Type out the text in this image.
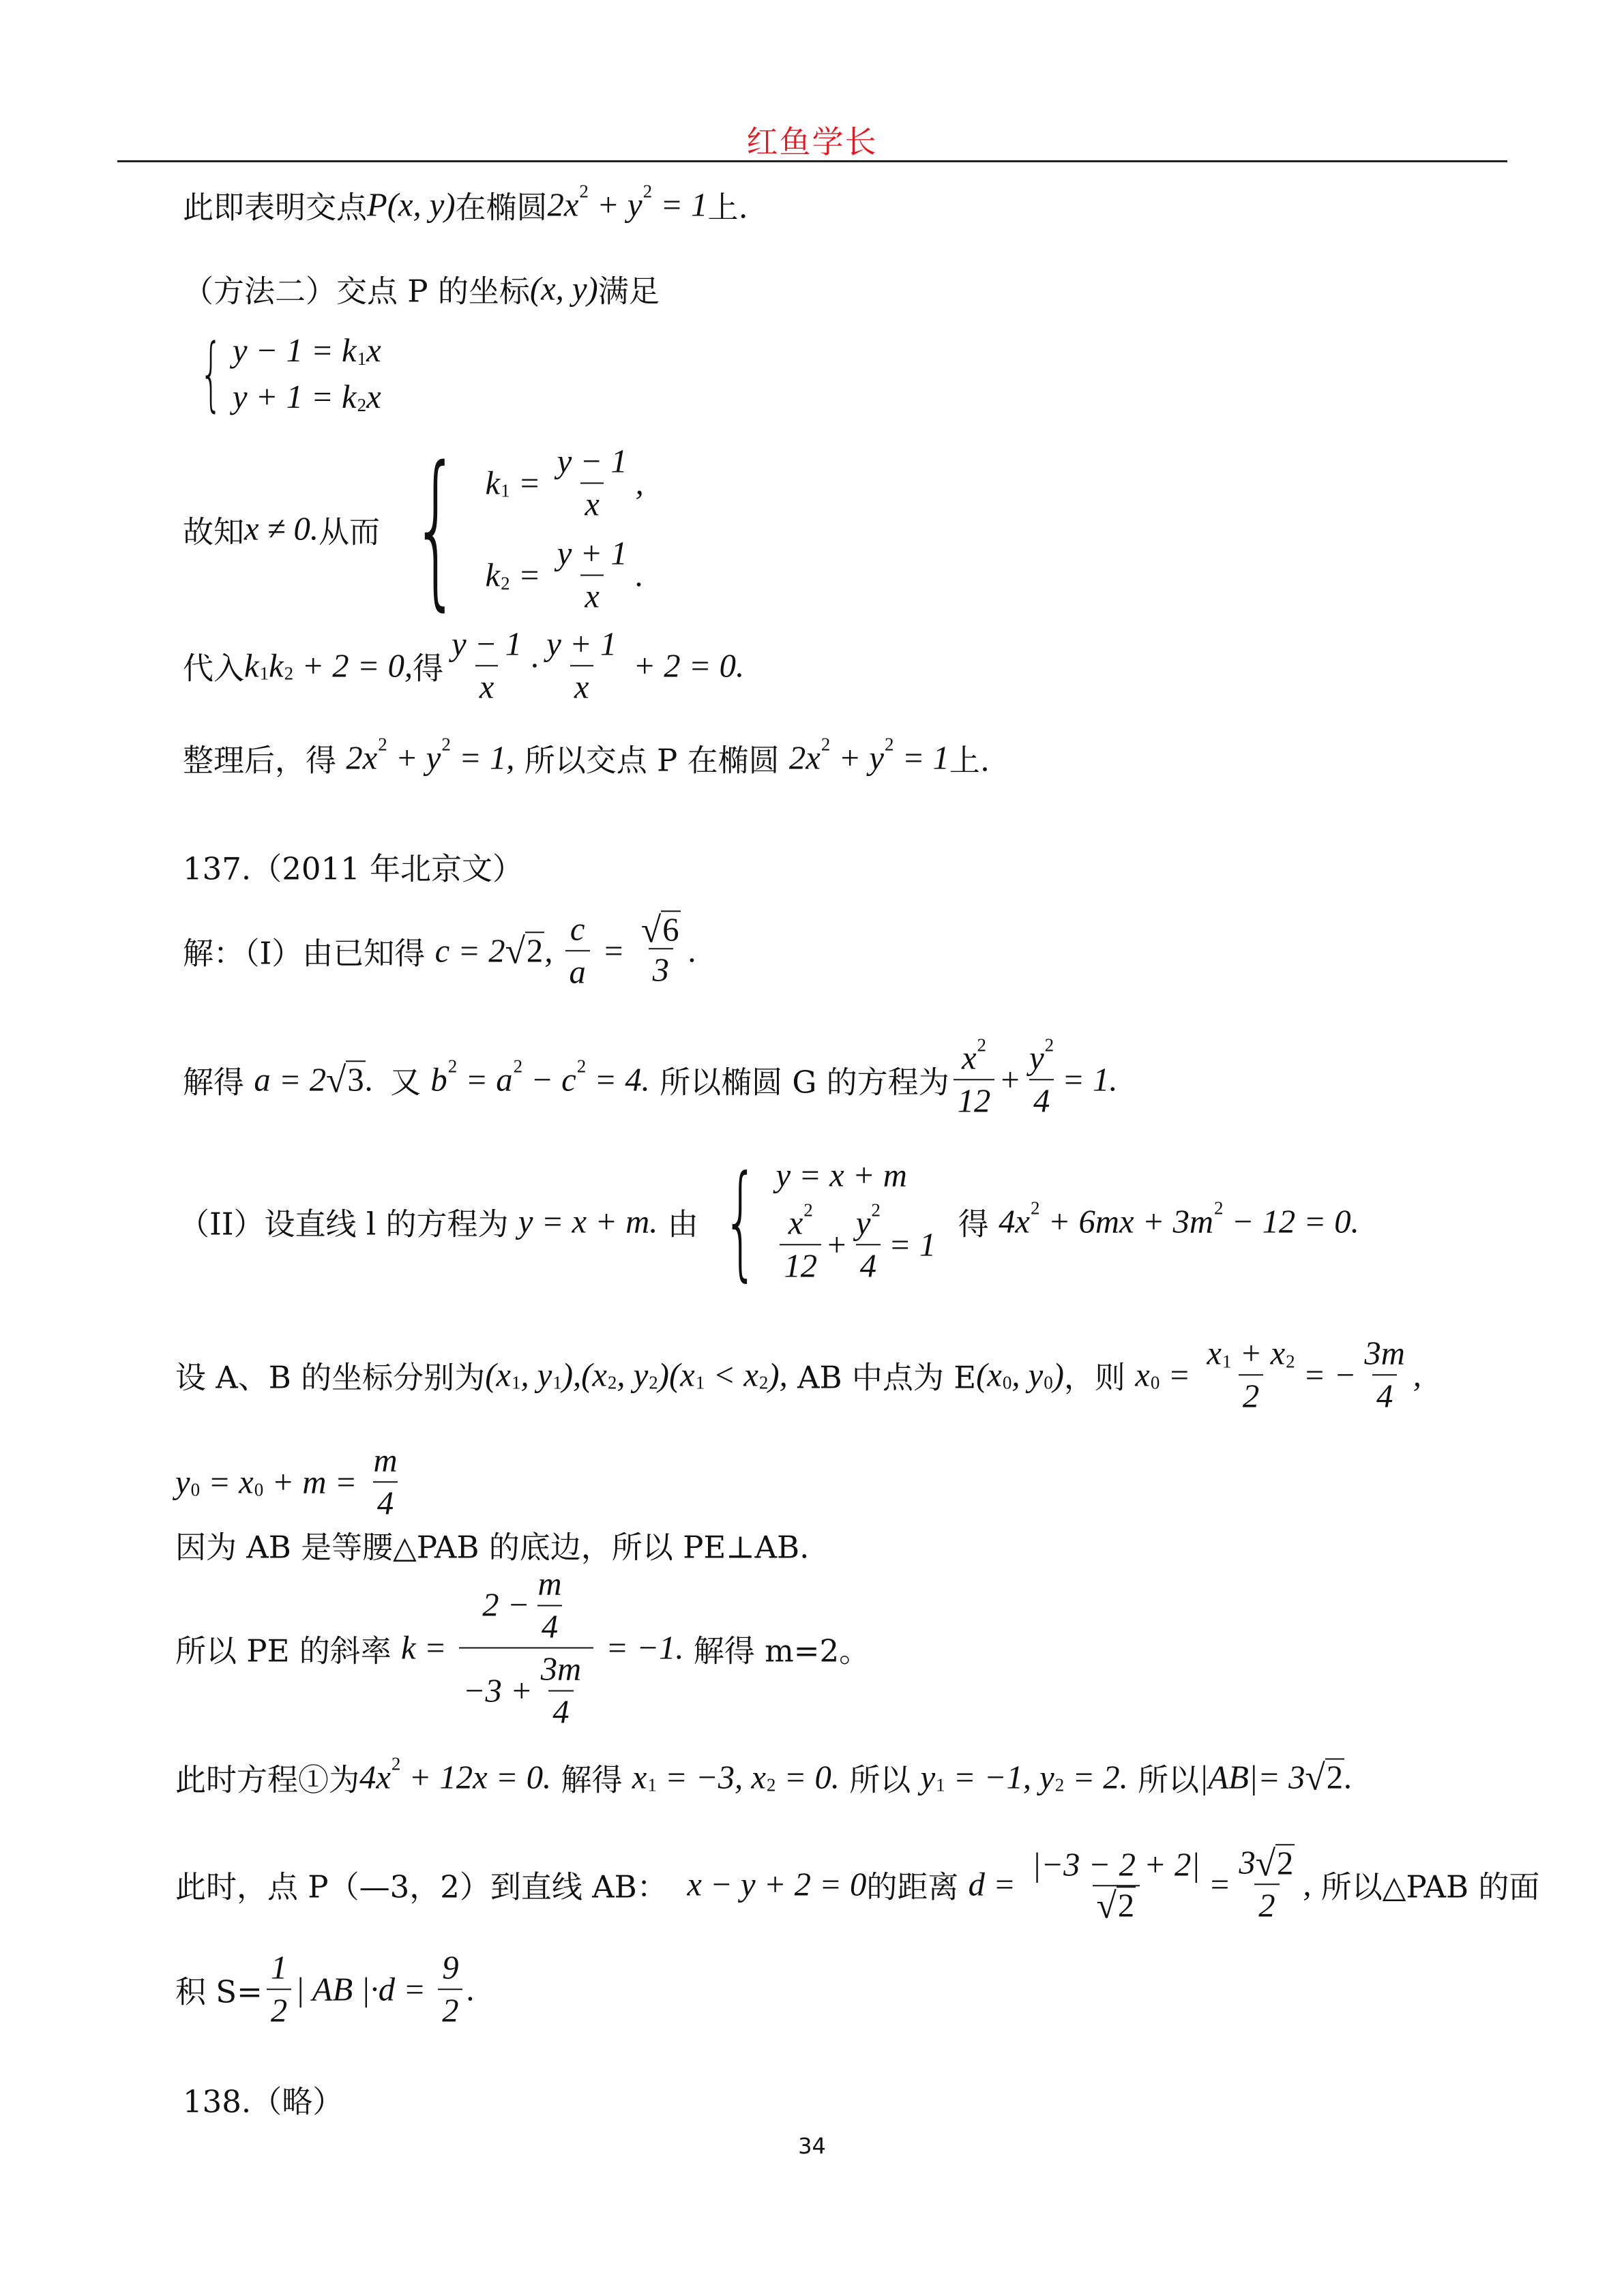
红鱼学长
此即表明交点 P(x, y) 在椭圆 2x 2 + y 2 = 1 上.
（方法二）交点 P 的坐标 (x, y) 满足
{ y − 1 = k 1 x
y + 1 = k 2 x
故知 x ≠ 0. 从而 { k $1 = \frac{y - 1}{x}$ ,
k $2 = \frac{y + 1}{x}$ .
代入 k 1 k 2 + 2 = 0, 得 $\frac{y - 1}{x} \cdot \frac{y + 1}{x} + 2 = 0$.
整理后，得 2x 2 + y 2 = 1, 所以交点 P 在椭圆 2x 2 + y 2 = 1 上.
137.（2011 年北京文）
解：（I）由已知得 c = 2 √ 2 , $\frac{c}{a} = \frac{√ 6}{3}$ .
解得 a = 2 √ 3 . 又 b 2 = a 2 − c 2 = 4. 所以椭圆 G 的方程为 $\frac{x 2}{12} + \frac{y 2}{4} = 1$.
（II）设直线 l 的方程为 y = x + m. 由 { y = x + m
$\frac{x 2}{12} + \frac{y 2}{4} = 1$
得 4x 2 + 6mx + 3m 2 − 12 = 0.
设 A、B 的坐标分别为 (x 1 , y 1 ),(x 2 , y 2 )(x 1 < x 2 ), AB 中点为 E (x 0 , y 0 ) ，则 x $0 = \frac{x 1 + x 2}{2}$ = − $\frac{3m}{4}$ ,
y 0 = x $0 + m = \frac{m}{4}$
因为 AB 是等腰△PAB 的底边，所以 PE⊥AB.
所以 PE 的斜率 $k = \frac{2 - \frac{m}{4}}{-3 + \frac{3m}{4}} = -1$. 解得 m=2。
此时方程①为 4x 2 + 12x = 0. 解得 x 1 = −3, x 2 = 0. 所以 y 1 = −1, y 2 = 2. 所以 |AB|= 3 √ 2 .
此时，点 P（—3，2）到直线 AB： x − y + 2 = 0 的距离 $d = \frac{|-3 - 2 + 2|}{√ 2} = \frac{3 √ 2}{2}$ , 所以△PAB 的面
积 $S= \frac{1}{2}$ | AB $|\cdot d = \frac{9}{2}$ .
138.（略）
34
